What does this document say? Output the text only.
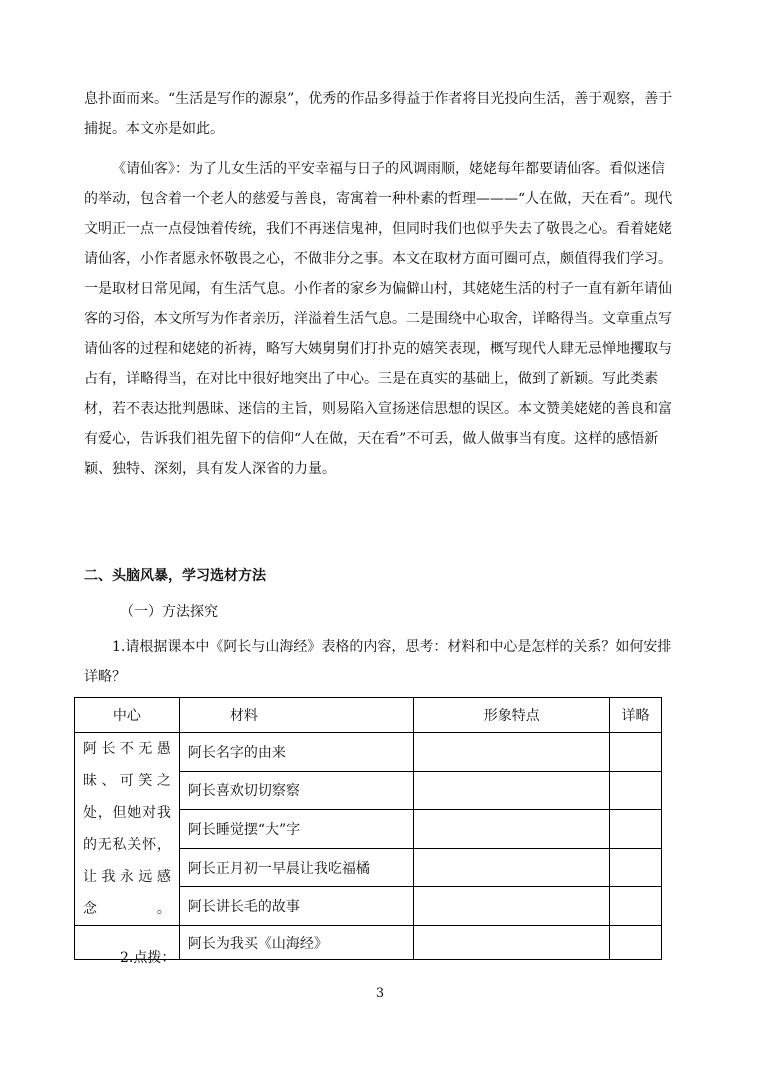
息扑面而来。“生活是写作的源泉”，优秀的作品多得益于作者将目光投向生活，善于观察，善于捕捉。本文亦是如此。

《请仙客》：为了儿女生活的平安幸福与日子的风调雨顺，姥姥每年都要请仙客。看似迷信的举动，包含着一个老人的慈爱与善良，寄寓着一种朴素的哲理———“人在做，天在看”。现代文明正一点一点侵蚀着传统，我们不再迷信鬼神，但同时我们也似乎失去了敬畏之心。看着姥姥请仙客，小作者愿永怀敬畏之心，不做非分之事。本文在取材方面可圈可点，颇值得我们学习。一是取材日常见闻，有生活气息。小作者的家乡为偏僻山村，其姥姥生活的村子一直有新年请仙客的习俗，本文所写为作者亲历，洋溢着生活气息。二是围绕中心取舍，详略得当。文章重点写请仙客的过程和姥姥的祈祷，略写大姨舅舅们打扑克的嬉笑表现，概写现代人肆无忌惮地攫取与占有，详略得当，在对比中很好地突出了中心。三是在真实的基础上，做到了新颖。写此类素材，若不表达批判愚昧、迷信的主旨，则易陷入宣扬迷信思想的误区。本文赞美姥姥的善良和富有爱心，告诉我们祖先留下的信仰“人在做，天在看”不可丢，做人做事当有度。这样的感悟新颖、独特、深刻，具有发人深省的力量。

二、头脑风暴，学习选材方法

（一）方法探究

1.请根据课本中《阿长与山海经》表格的内容，思考：材料和中心是怎样的关系？如何安排详略？

中心	材料	形象特点	详略
阿长不无愚昧、可笑之处，但她对我的无私关怀，让我永远感念。	阿长名字的由来		
	阿长喜欢切切察察		
	阿长睡觉摆“大”字		
	阿长正月初一早晨让我吃福橘		
	阿长讲长毛的故事		
	阿长为我买《山海经》		

2.点拨：

3
